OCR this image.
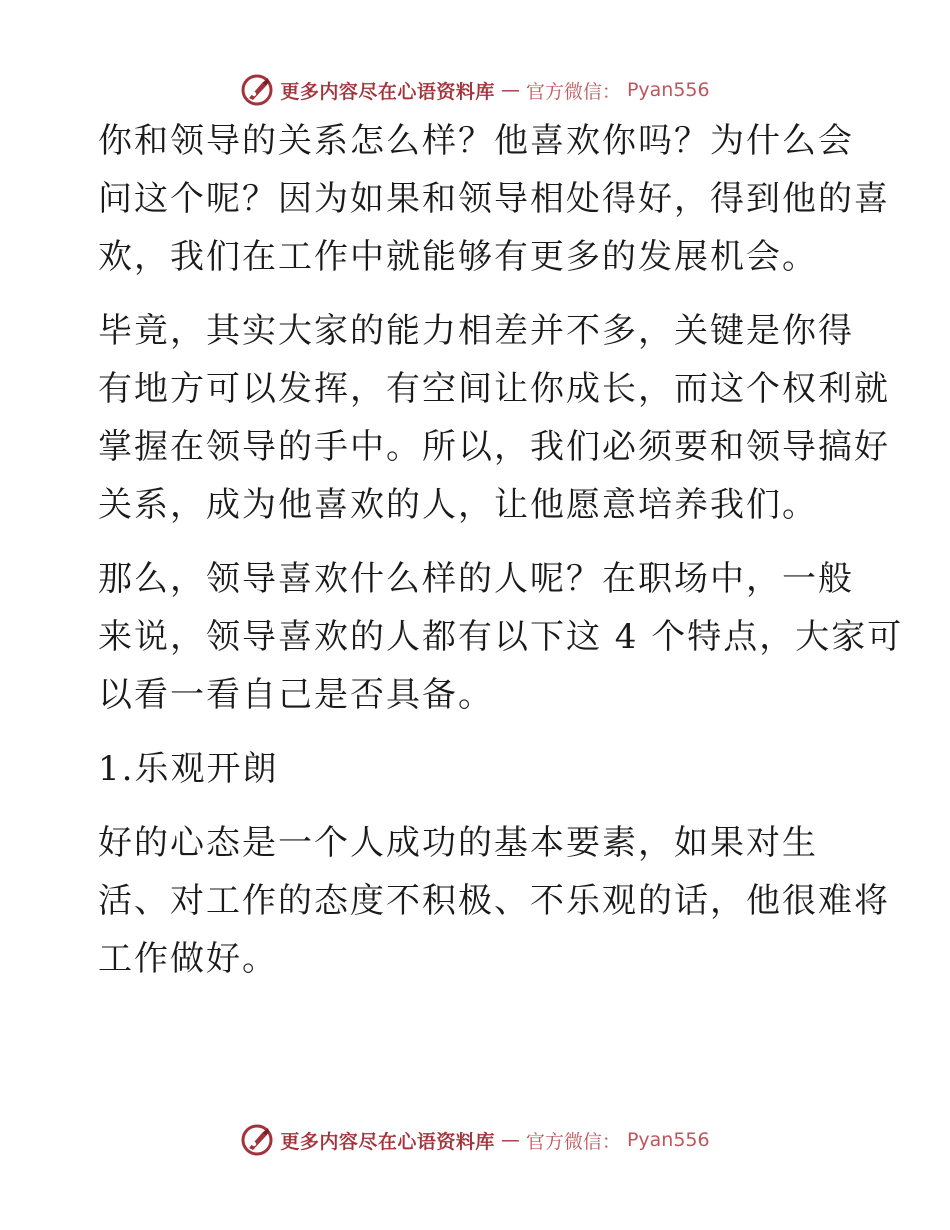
更多内容尽在心语资料库 — 官方微信： Pyan556
你和领导的关系怎么样？他喜欢你吗？为什么会
问这个呢？因为如果和领导相处得好，得到他的喜
欢，我们在工作中就能够有更多的发展机会。
毕竟，其实大家的能力相差并不多，关键是你得
有地方可以发挥，有空间让你成长，而这个权利就
掌握在领导的手中。所以，我们必须要和领导搞好
关系，成为他喜欢的人，让他愿意培养我们。
那么，领导喜欢什么样的人呢？在职场中，一般
来说，领导喜欢的人都有以下这 4 个特点，大家可
以看一看自己是否具备。
1.乐观开朗
好的心态是一个人成功的基本要素，如果对生
活、对工作的态度不积极、不乐观的话，他很难将
工作做好。
更多内容尽在心语资料库 — 官方微信： Pyan556
